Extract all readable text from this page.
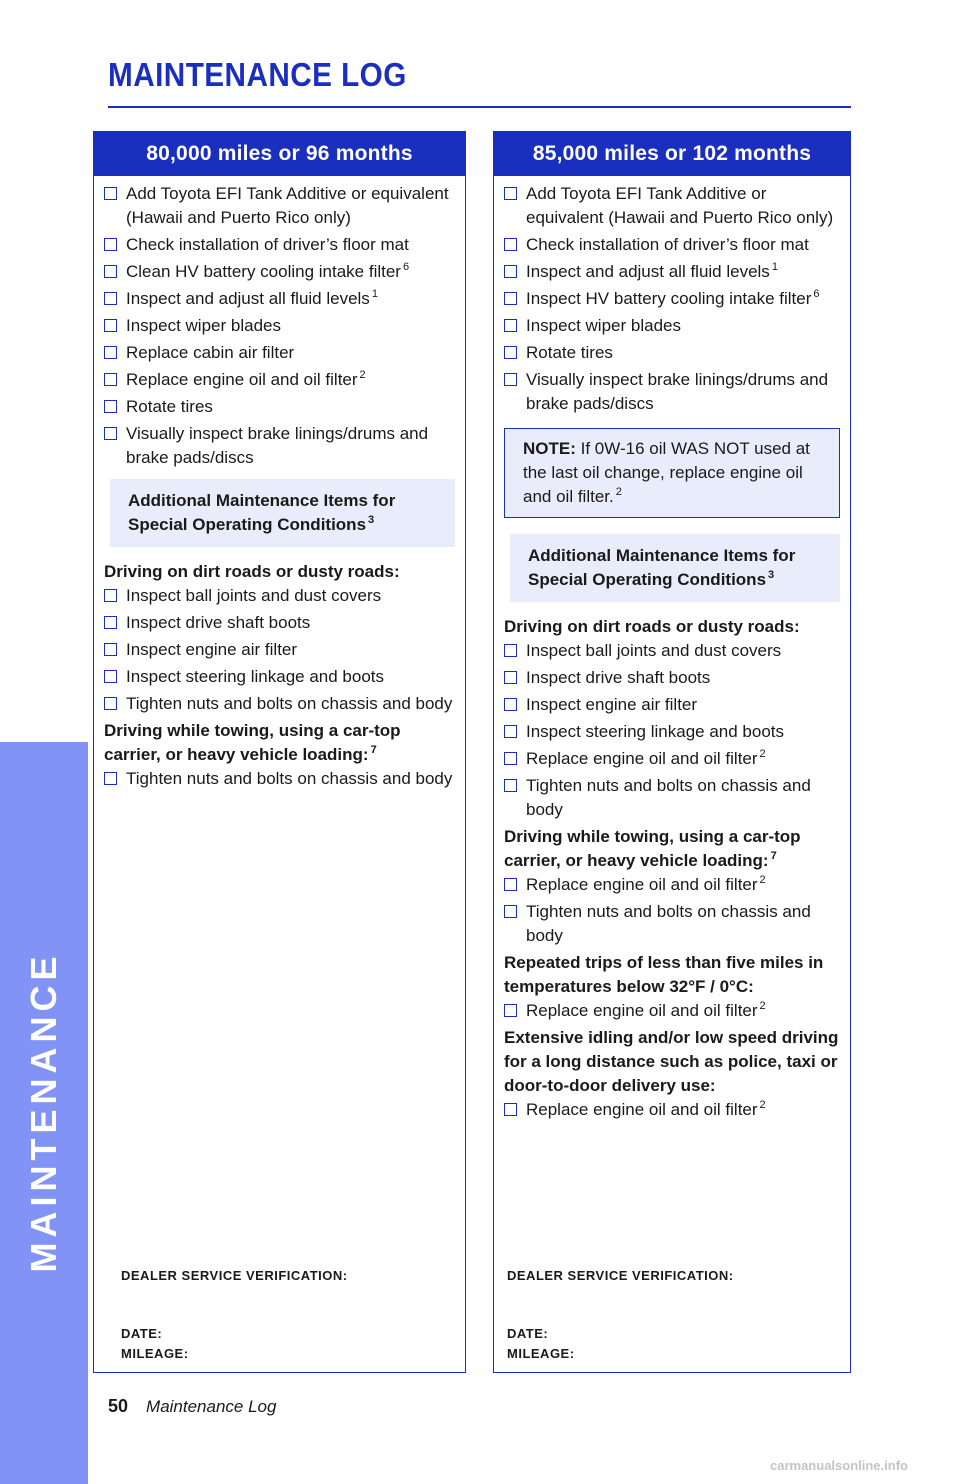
MAINTENANCE
MAINTENANCE LOG
80,000 miles or 96 months
Add Toyota EFI Tank Additive or equivalent (Hawaii and Puerto Rico only)
Check installation of driver’s floor mat
Clean HV battery cooling intake filter $^6$
Inspect and adjust all fluid levels $^1$
Inspect wiper blades
Replace cabin air filter
Replace engine oil and oil filter $^2$
Rotate tires
Visually inspect brake linings/drums and brake pads/discs
Additional Maintenance Items for Special Operating Conditions $^3$
Driving on dirt roads or dusty roads:
Inspect ball joints and dust covers
Inspect drive shaft boots
Inspect engine air filter
Inspect steering linkage and boots
Tighten nuts and bolts on chassis and body
Driving while towing, using a car-top carrier, or heavy vehicle loading: $^7$
Tighten nuts and bolts on chassis and body
DEALER SERVICE VERIFICATION:
DATE:
MILEAGE:
85,000 miles or 102 months
Add Toyota EFI Tank Additive or equivalent (Hawaii and Puerto Rico only)
Check installation of driver’s floor mat
Inspect and adjust all fluid levels $^1$
Inspect HV battery cooling intake filter $^6$
Inspect wiper blades
Rotate tires
Visually inspect brake linings/drums and brake pads/discs
NOTE: If 0W-16 oil WAS NOT used at the last oil change, replace engine oil and oil filter. $^2$
Additional Maintenance Items for Special Operating Conditions $^3$
Driving on dirt roads or dusty roads:
Inspect ball joints and dust covers
Inspect drive shaft boots
Inspect engine air filter
Inspect steering linkage and boots
Replace engine oil and oil filter $^2$
Tighten nuts and bolts on chassis and body
Driving while towing, using a car-top carrier, or heavy vehicle loading: $^7$
Replace engine oil and oil filter $^2$
Tighten nuts and bolts on chassis and body
Repeated trips of less than five miles in temperatures below 32°F / 0°C:
Replace engine oil and oil filter $^2$
Extensive idling and/or low speed driving for a long distance such as police, taxi or door-to-door delivery use:
Replace engine oil and oil filter $^2$
DEALER SERVICE VERIFICATION:
DATE:
MILEAGE:
50 Maintenance Log
carmanualsonline.info
